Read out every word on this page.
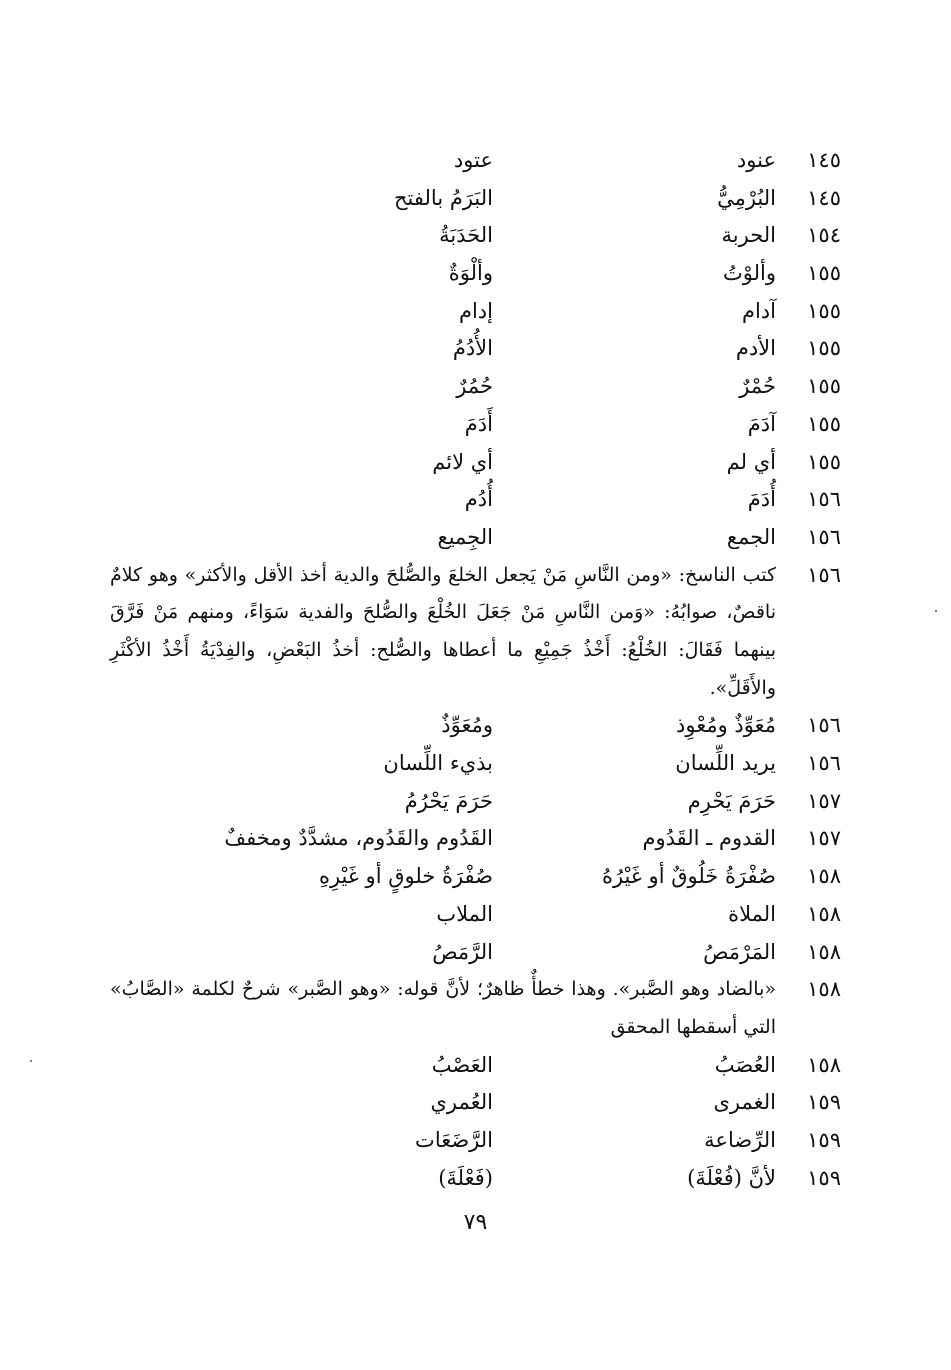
١٤٥
عنود
عتود
١٤٥
البُرْمِيُّ
البَرَمُ بالفتح
١٥٤
الحربة
الحَدَبَةُ
١٥٥
وألوْتُ
وألْوَةٌ
١٥٥
آدام
إدام
١٥٥
الأدم
الأُدُمُ
١٥٥
حُمْرٌ
حُمُرٌ
١٥٥
آدَمَ
أَدَمَ
١٥٥
أي لم
أي لائم
١٥٦
أُدَمَ
أُدُم
١٥٦
الجمع
الجِميع
١٥٦
كتب الناسخ: «ومن النَّاسِ مَنْ يَجعل الخلعَ والصُّلحَ والدية أخذ الأقل والأكثر» وهو كلامٌ ناقصٌ، صوابُهُ: «وَمن النَّاسِ مَنْ جَعَلَ الخُلْعَ والصُّلحَ والفدية سَوَاءً، ومنهم مَنْ فَرَّقَ بينهما فَقَالَ: الخُلْعُ: أَخْذُ جَمِيْعِ ما أعطاها والصُّلح: أخذُ البَعْضِ، والفِدْيَةُ أَخْذُ الأكْثَرِ والأَقَلِّ».
١٥٦
مُعَوِّذٌ ومُعْوِذ
ومُعَوِّذٌ
١٥٦
يريد اللِّسان
بذيء اللِّسان
١٥٧
حَرَمَ يَحْرِم
حَرَمَ يَحْرُمُ
١٥٧
القدوم ـ القَدُوم
القَدُوم والقَدُوم، مشدَّدٌ ومخففٌ
١٥٨
صُفْرَةُ خَلُوقٌ أو غَيْرُهُ
صُفْرَةُ خلوقٍ أو غَيْرِهِ
١٥٨
الملاة
الملاب
١٥٨
المَرْمَصُ
الرَّمَصُ
١٥٨
«بالضاد وهو الصَّبر». وهذا خطأٌ ظاهرٌ؛ لأنَّ قوله: «وهو الصَّبر» شرحٌ لكلمة «الصَّابُ» التي أسقطها المحقق
١٥٨
العُصَبُ
العَصْبُ
١٥٩
الغمرى
العُمري
١٥٩
الرِّضاعة
الرَّضَعَات
١٥٩
لأنَّ (فُعْلَةَ)
(فَعْلَةَ)
٧٩
